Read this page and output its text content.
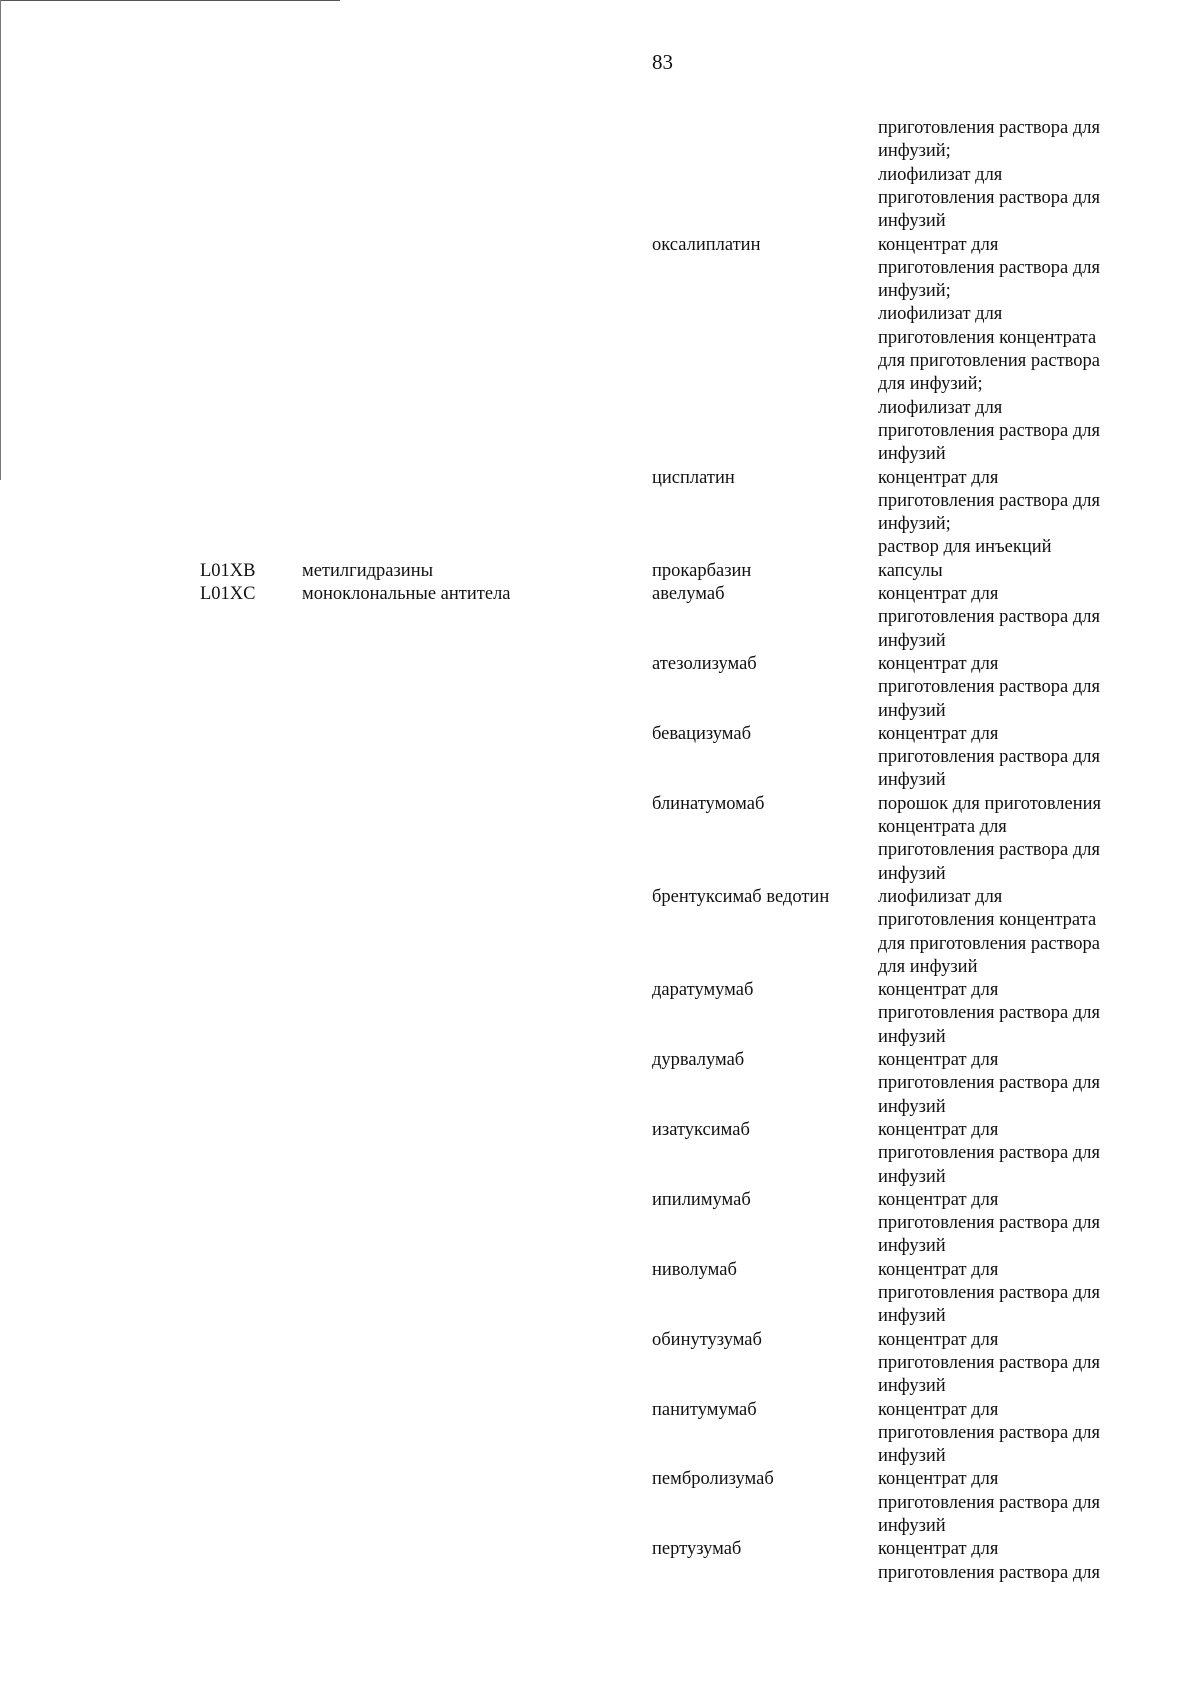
83
приготовления раствора для
инфузий;
лиофилизат для
приготовления раствора для
инфузий
оксалиплатин	концентрат для
приготовления раствора для
инфузий;
лиофилизат для
приготовления концентрата
для приготовления раствора
для инфузий;
лиофилизат для
приготовления раствора для
инфузий
цисплатин	концентрат для
приготовления раствора для
инфузий;
раствор для инъекций
L01XB	метилгидразины	прокарбазин	капсулы
L01XC	моноклональные антитела	авелумаб	концентрат для
приготовления раствора для
инфузий
атезолизумаб	концентрат для
приготовления раствора для
инфузий
бевацизумаб	концентрат для
приготовления раствора для
инфузий
блинатумомаб	порошок для приготовления
концентрата для
приготовления раствора для
инфузий
брентуксимаб ведотин	лиофилизат для
приготовления концентрата
для приготовления раствора
для инфузий
даратумумаб	концентрат для
приготовления раствора для
инфузий
дурвалумаб	концентрат для
приготовления раствора для
инфузий
изатуксимаб	концентрат для
приготовления раствора для
инфузий
ипилимумаб	концентрат для
приготовления раствора для
инфузий
ниволумаб	концентрат для
приготовления раствора для
инфузий
обинутузумаб	концентрат для
приготовления раствора для
инфузий
панитумумаб	концентрат для
приготовления раствора для
инфузий
пембролизумаб	концентрат для
приготовления раствора для
инфузий
пертузумаб	концентрат для
приготовления раствора для
